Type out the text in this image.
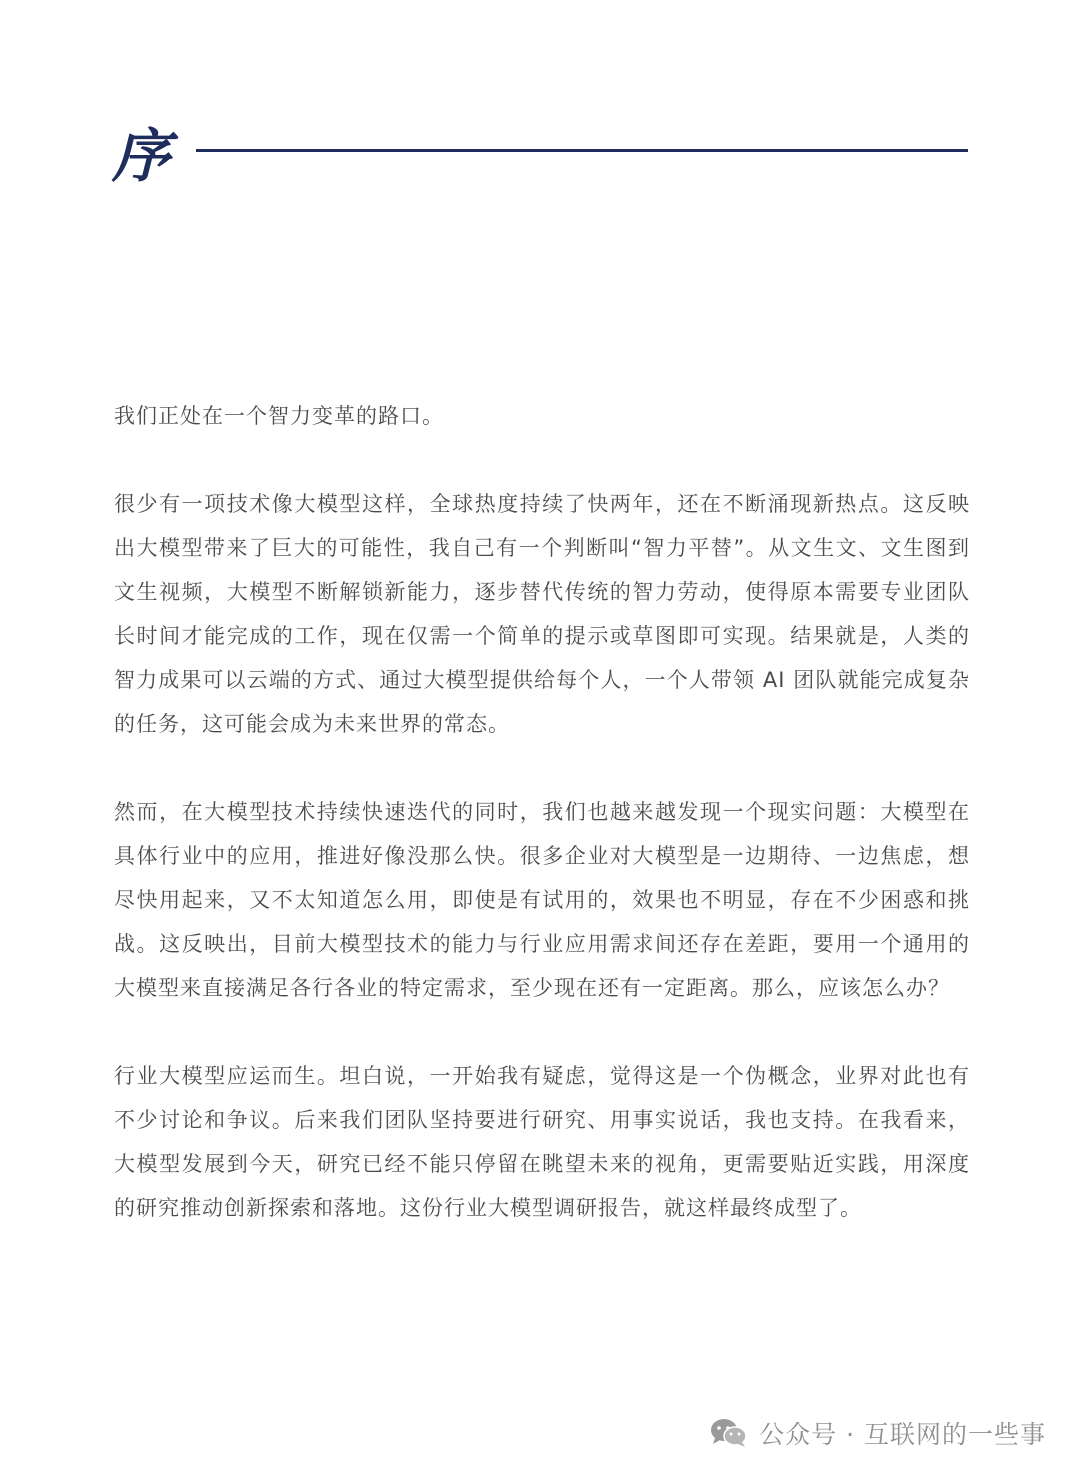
序

我们正处在一个智力变革的路口。

很少有一项技术像大模型这样，全球热度持续了快两年，还在不断涌现新热点。这反映出大模型带来了巨大的可能性，我自己有一个判断叫“智力平替”。从文生文、文生图到文生视频，大模型不断解锁新能力，逐步替代传统的智力劳动，使得原本需要专业团队长时间才能完成的工作，现在仅需一个简单的提示或草图即可实现。结果就是，人类的智力成果可以云端的方式、通过大模型提供给每个人，一个人带领 AI 团队就能完成复杂的任务，这可能会成为未来世界的常态。

然而，在大模型技术持续快速迭代的同时，我们也越来越发现一个现实问题：大模型在具体行业中的应用，推进好像没那么快。很多企业对大模型是一边期待、一边焦虑，想尽快用起来，又不太知道怎么用，即使是有试用的，效果也不明显，存在不少困惑和挑战。这反映出，目前大模型技术的能力与行业应用需求间还存在差距，要用一个通用的大模型来直接满足各行各业的特定需求，至少现在还有一定距离。那么，应该怎么办？

行业大模型应运而生。坦白说，一开始我有疑虑，觉得这是一个伪概念，业界对此也有不少讨论和争议。后来我们团队坚持要进行研究、用事实说话，我也支持。在我看来，大模型发展到今天，研究已经不能只停留在眺望未来的视角，更需要贴近实践，用深度的研究推动创新探索和落地。这份行业大模型调研报告，就这样最终成型了。

公众号 · 互联网的一些事
